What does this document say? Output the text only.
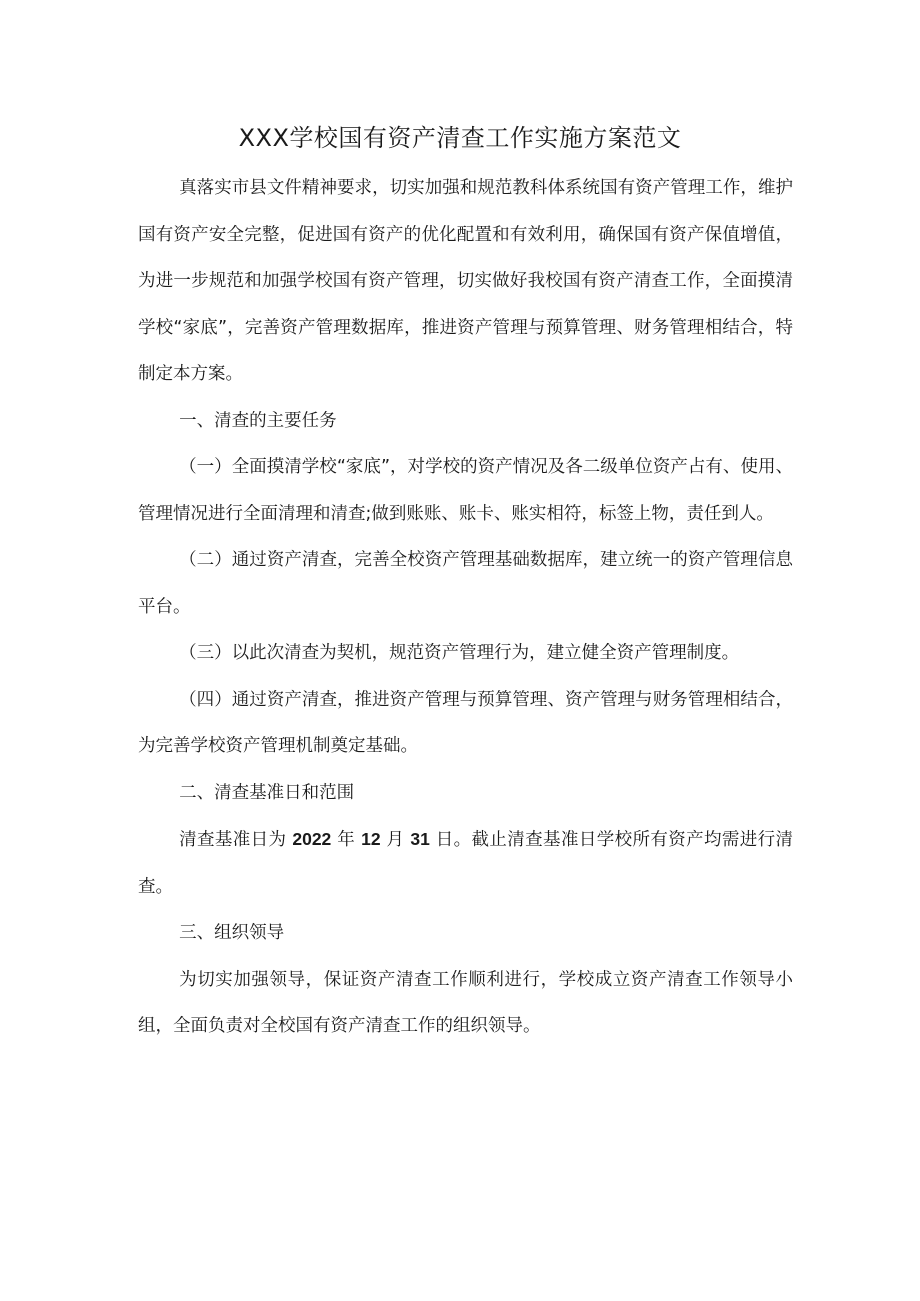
XXX学校国有资产清查工作实施方案范文

真落实市县文件精神要求，切实加强和规范教科体系统国有资产管理工作，维护国有资产安全完整，促进国有资产的优化配置和有效利用，确保国有资产保值增值，为进一步规范和加强学校国有资产管理，切实做好我校国有资产清查工作，全面摸清学校“家底”，完善资产管理数据库，推进资产管理与预算管理、财务管理相结合，特制定本方案。

一、清查的主要任务

（一）全面摸清学校“家底”，对学校的资产情况及各二级单位资产占有、使用、管理情况进行全面清理和清查;做到账账、账卡、账实相符，标签上物，责任到人。

（二）通过资产清查，完善全校资产管理基础数据库，建立统一的资产管理信息平台。

（三）以此次清查为契机，规范资产管理行为，建立健全资产管理制度。

（四）通过资产清查，推进资产管理与预算管理、资产管理与财务管理相结合，为完善学校资产管理机制奠定基础。

二、清查基准日和范围

清查基准日为 2022 年 12 月 31 日。截止清查基准日学校所有资产均需进行清查。

三、组织领导

为切实加强领导，保证资产清查工作顺利进行，学校成立资产清查工作领导小组，全面负责对全校国有资产清查工作的组织领导。
